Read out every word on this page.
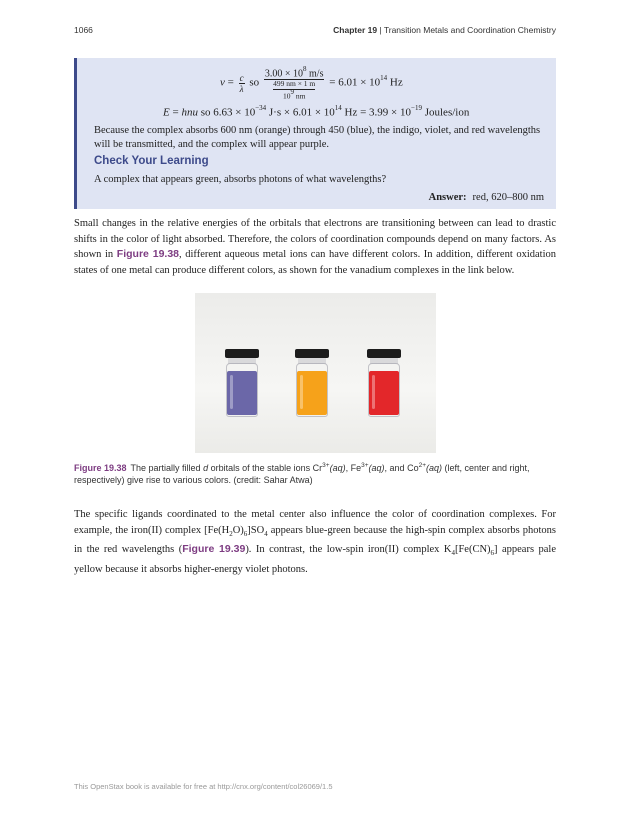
1066	Chapter 19 | Transition Metals and Coordination Chemistry
$\nu = \frac{c}{\lambda}$ so $3.00 \times 10^8$ m/s
499 nm × 1 m
$10^9$ nm = $6.01 \times 10^{14}$ Hz
E = hnu so $6.63 \times 10^{-34}$ $J\cdot s \times 6.01 \times 10^{14}$ $Hz = 3.99 \times 10^{-19}$ Joules/ion
Because the complex absorbs 600 nm (orange) through 450 (blue), the indigo, violet, and red wavelengths will be transmitted, and the complex will appear purple.
Check Your Learning
A complex that appears green, absorbs photons of what wavelengths?
Answer: red, 620–800 nm
Small changes in the relative energies of the orbitals that electrons are transitioning between can lead to drastic shifts in the color of light absorbed. Therefore, the colors of coordination compounds depend on many factors. As shown in Figure 19.38, different aqueous metal ions can have different colors. In addition, different oxidation states of one metal can produce different colors, as shown for the vanadium complexes in the link below.
Figure 19.38 The partially filled d orbitals of the stable ions $Cr^{3+}(aq)$, $Fe^{3+}(aq)$, and $Co^{2+}(aq)$ (left, center and right, respectively) give rise to various colors. (credit: Sahar Atwa)
The specific ligands coordinated to the metal center also influence the color of coordination complexes. For example, the iron(II) complex $[Fe(H_2O)_6]SO_4$ appears blue-green because the high-spin complex absorbs photons in the red wavelengths (Figure 19.39). In contrast, the low-spin iron(II) complex $K_4[Fe(CN)_6]$ appears pale yellow because it absorbs higher-energy violet photons.
This OpenStax book is available for free at http://cnx.org/content/col26069/1.5
